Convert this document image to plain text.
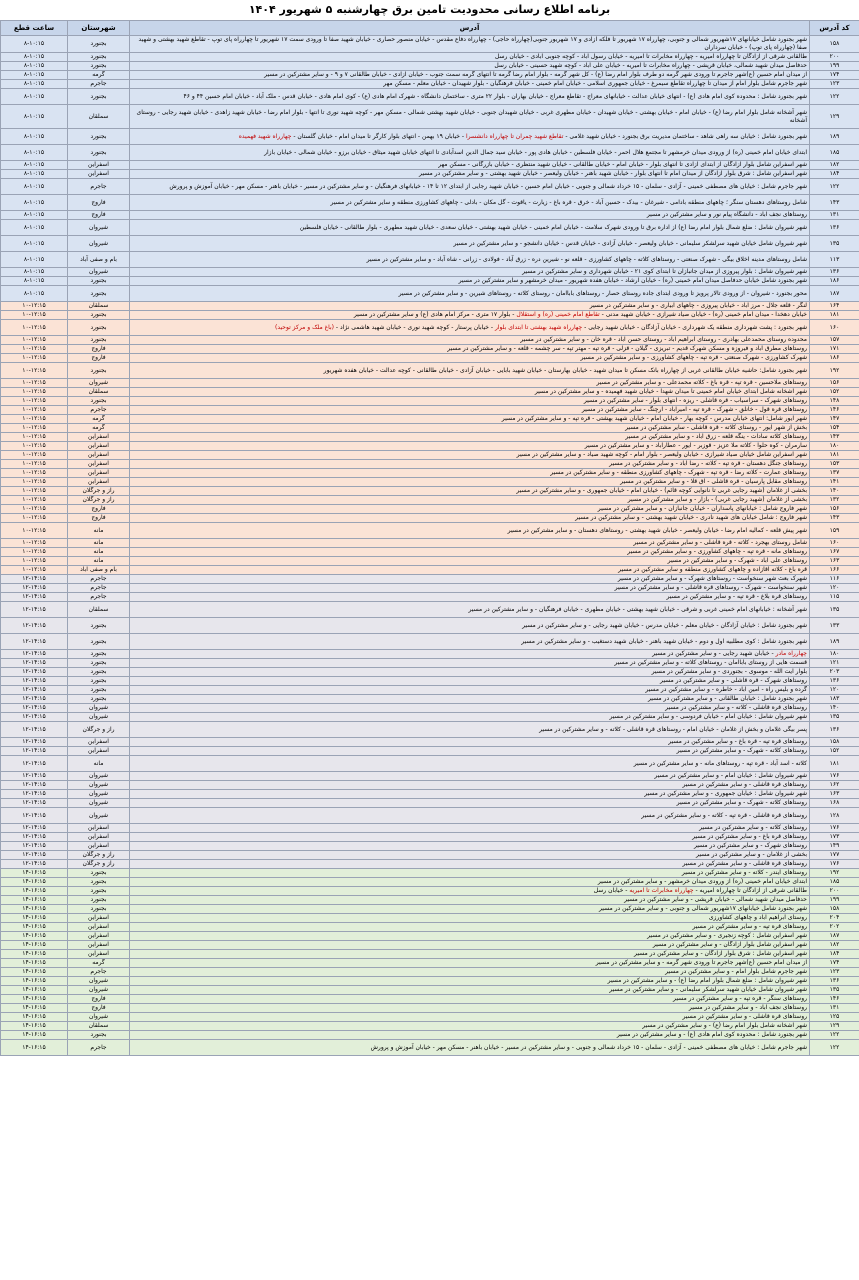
برنامه اطلاع رسانی محدودیت تامین برق چهارشنبه ۵ شهریور ۱۴۰۴
کد آدرس	آدرس	شهرستان	ساعت قطع
۱۵۸	شهر بجنورد شامل خیابانهای ۱۷شهریور شمالی و جنوبی، چهارراه ۱۷ شهریور تا فلکه آزادی و ۱۷ شهریور جنوبی(چهارراه حاجی) - چهارراه دفاع مقدس - خیابان منصور حصاری - خیابان شهید صفا تا ورودی سمت ۱۷ شهریور تا چهارراه پای توپ - تقاطع شهید بهشتی و شهید صفا (چهارراه پای توپ) - خیابان سرداران	بجنورد	۸-۱۰:۱۵
۲۰۰	طالقانی شرقی از آزادگان تا چهارراه امیریه - چهارراه مخابرات تا امیریه - خیابان رسول آباد - کوچه جنوبی آبادی - خیابان رسل	بجنورد	۸-۱۰:۱۵
۱۹۹	حدفاصل میدان شهید شمالی، خیابان قریشی - چهارراه مخابرات تا امیریه - خیابان علی آباد - کوچه شهید حسینی - خیابان رسل	بجنورد	۸-۱۰:۱۵
۱۷۴	از میدان امام حسین (ع)شهر جاجرم تا ورودی شهر گرمه دو طرف بلوار امام رضا (ع) - کل شهر گرمه - بلوار امام رضا گرمه تا انتهای گرمه سمت جنوب - خیابان آزادی - خیابان طالقانی ۷ و ۹ - و سایر مشترکین در مسیر	گرمه	۸-۱۰:۱۵
۱۲۳	شهر جاجرم شامل بلوار امام از میدان تا چهارراه تقاطع سیمرغ - خیابان جمهوری اسلامی - خیابان امام خمینی - خیابان فرهنگیان - بلوار شهیدان - خیابان معلم - مسکن مهر	جاجرم	۸-۱۰:۱۵
۱۲۲	شهر بجنورد شامل : محدوده کوی امام هادی (ع) - انتهای خیابان عدالت - خیابانهای معراج - تقاطع معراج - خیابان بهاران - بلوار ۲۲ متری - ساختمان دانشگاه - شهرک امام هادی (ع) - کوی امام هادی - خیابان قدس - ملک آباد - خیابان امام حسین ۴۴ و ۴۶	بجنورد	۸-۱۰:۱۵
۱۲۹	شهر آشخانه شامل بلوار امام رضا (ع) - خیابان امام - خیابان بهشتی - خیابان شهیدان - خیابان مطهری غربی - خیابان شهیدان جنوبی - خیابان شهید بهشتی شمالی - مسکن مهر - کوچه شهید نوری تا انتها - بلوار امام رضا - خیابان شهید زاهدی - خیابان شهید رجایی - روستای آشخانه	سملقان	۸-۱۰:۱۵
۱۸۹	شهر بجنورد شامل : خیابان سه راهی شاهد - ساختمان مدیریت برق بجنورد - خیابان شهید غلامی - تقاطع شهید چمران تا چهارراه دانشسرا - خیابان ۱۹ بهمن - انتهای بلوار کارگر تا میدان امام - خیابان گلستان - چهارراه شهید فهمیده	بجنورد	۸-۱۰:۱۵
۱۸۵	ابتدای خیابان امام خمینی (ره) از ورودی میدان خرمشهر تا مجتمع هلال احمر - خیابان فلسطین - خیابان هادی پور - خیابان سید جمال الدین اسدآبادی تا انتهای خیابان شهید میثاق - خیابان برزو - خیابان شمالی - خیابان بازار	بجنورد	۸-۱۰:۱۵
۱۸۲	شهر اسفراین شامل بلوار آزادگان از ابتدای آزادی تا انتهای بلوار - خیابان امام - خیابان طالقانی - خیابان شهید منتظری - خیابان بازرگانی - مسکن مهر	اسفراین	۸-۱۰:۱۵
۱۸۴	شهر اسفراین شامل : شرق بلوار آزادگان از میدان امام تا انتهای بلوار - خیابان شهید باهنر - خیابان ولیعصر - خیابان شهید بهشتی - و سایر مشترکین در مسیر	اسفراین	۸-۱۰:۱۵
۱۲۲	شهر جاجرم شامل : خیابان های مصطفی خمینی - آزادی - سلمان - ۱۵ خرداد شمالی و جنوبی - خیابان امام حسین - خیابان شهید رجایی از ابتدای ۱۲ تا ۱۴ - خیابانهای فرهنگیان - و سایر مشترکین در مسیر - خیابان باهنر - مسکن مهر - خیابان آموزش و پرورش	جاجرم	۸-۱۰:۱۵
۱۴۳	شامل روستاهای دهستان سنگر ؛ چاههای منطقه بادامی - شیرغان - بیدک - حسین آباد - خرق - قره باغ - زیارت - یاقوت - گل مکان - بادلی - چاههای کشاورزی منطقه و سایر مشترکین در مسیر	فاروج	۸-۱۰:۱۵
۱۳۱	روستاهای نجف آباد - دانشگاه پیام نور و سایر مشترکین در مسیر	فاروج	۸-۱۰:۱۵
۱۳۶	شهر شیروان شامل : ضلع شمال بلوار امام رضا (ع) از اداره برق تا ورودی شهرک سلامت - خیابان امام خمینی - خیابان شهید بهشتی - خیابان سعدی - خیابان شهید مطهری - بلوار طالقانی - خیابان فلسطین	شیروان	۸-۱۰:۱۵
۱۳۵	شهر شیروان شامل خیابان شهید سرلشکر سلیمانی - خیابان ولیعصر - خیابان آزادی - خیابان قدس - خیابان دانشجو - و سایر مشترکین در مسیر	شیروان	۸-۱۰:۱۵
۱۱۳	شامل روستاهای مدینه اخلاق بیگی - شهرک صنعتی - روستاهای کلاته - چاههای کشاورزی - قلعه نو - شیرین دره - زرق آباد - فولادی - زرانی - شاه آباد - و سایر مشترکین در مسیر	بام و صفی آباد	۸-۱۰:۱۵
۱۳۶	شهر شیروان شامل : بلوار پیروزی از میدان جانبازان تا ابتدای کوی ۲۱ - خیابان شهرداری و سایر مشترکین در مسیر	شیروان	۸-۱۰:۱۵
۱۸۶	شهر بجنورد شامل خیابان حدفاصل میدان امام خمینی (ره) - خیابان ارشاد - خیابان هفده شهریور - میدان خرمشهر و سایر مشترکین در مسیر	بجنورد	۸-۱۰:۱۵
۱۸۷	محور بجنورد - شیروان - از ورودی تالار پرویز تا ورودی ابتدای جاده روستای حصار - روستاهای باباامان - روستای کلاته - روستاهای شیرین - و سایر مشترکین در مسیر	بجنورد	۸-۱۰:۱۵
۱۶۴	لنگر - قلعه جلال - مرز آباد - خیابان پیروزی - چاههای آبیاری - و سایر مشترکین در مسیر	سملقان	۱۰-۱۲:۱۵
۱۸۱	خیابان دهخدا - میدان امام خمینی (ره) - خیابان صیاد شیرازی - خیابان شهید مدنی - تقاطع امام خمینی (ره) و استقلال - بلوار ۱۷ متری - مرکز امام هادی (ع) و سایر مشترکین در مسیر	بجنورد	۱۰-۱۲:۱۵
۱۶۰	شهر بجنورد : پشت شهرداری منطقه یک شهرداری - خیابان آزادگان - خیابان شهید رجایی - چهارراه شهید بهشتی تا ابتدای بلوار - خیابان پرستار - کوچه شهید نوری - خیابان شهید هاشمی نژاد - (باغ ملک و مرکز توحید)	بجنورد	۱۰-۱۲:۱۵
۱۵۷	محدوده روستای محمدعلی بهادری - روستای ابراهیم آباد - روستای حسن آباد - قره خان - و سایر مشترکین در مسیر	بجنورد	۱۰-۱۲:۱۵
۱۷۱	روستاهای مطرق آباد و فیروزه و مسکن شهرک قدیم - تبریزی - گیلان - قزلی - قره تپه - مهتر تپه - سر چشمه - قلعه - و سایر مشترکین در مسیر	فاروج	۱۰-۱۲:۱۵
۱۸۶	شهرک کشاورزی - شهرک صنعتی - قره تپه - چاههای کشاورزی - و سایر مشترکین در مسیر	فاروج	۱۰-۱۲:۱۵
۱۹۲	شهر بجنورد شامل: حاشیه خیابان طالقانی غربی از چهارراه بانک مسکن تا میدان شهید - خیابان بهارستان - خیابان شهید بابایی - خیابان آزادی - خیابان طالقانی - کوچه عدالت - خیابان هفده شهریور	بجنورد	۱۰-۱۲:۱۵
۱۵۶	روستاهای ملاحسین - قره تپه - قره باغ - کلاته محمدعلی - و سایر مشترکین در مسیر	شیروان	۱۰-۱۲:۱۵
۱۵۲	شهر آشخانه شامل ابتدای خیابان امام خمینی تا میدان شهدا - خیابان شهید فهمیده - و سایر مشترکین در مسیر	سملقان	۱۰-۱۲:۱۵
۱۴۸	روستاهای شهرک - سرآسیاب - قره قاشلی - ریزه - انتهای بلوار - سایر مشترکین در مسیر	بجنورد	۱۰-۱۲:۱۵
۱۴۶	روستاهای قره قول - خانلق - شهرک - قره تپه - امیرآباد - ارچنگ - سایر مشترکین در مسیر	جاجرم	۱۰-۱۲:۱۵
۱۴۷	شهر ایور شامل: انتهای خیابان مدرس - کوچه بهار - خیابان امام - خیابان شهید بهشتی - قره تپه - و سایر مشترکین در مسیر	گرمه	۱۰-۱۲:۱۵
۱۵۴	بخش از شهر ایور - روستای کلاته - قره قاشلی - سایر مشترکین در مسیر	گرمه	۱۰-۱۲:۱۵
۱۴۳	روستاهای کلاته سادات - ینگه قلعه - زرق آباد - و سایر مشترکین در مسیر	اسفراین	۱۰-۱۲:۱۵
۱۸۰	سارمران - کوه حلوا - کلاته ملا عزیز - قوزبر - ایور - عطارآباد - و سایر مشترکین در مسیر	اسفراین	۱۰-۱۲:۱۵
۱۸۱	شهر اسفراین شامل خیابان صیاد شیرازی - خیابان ولیعصر - بلوار امام - کوچه شهید صیاد - و سایر مشترکین در مسیر	اسفراین	۱۰-۱۲:۱۵
۱۵۳	روستاهای جنگل دهستان - قره تپه - کلاته - رضا آباد - و سایر مشترکین در مسیر	اسفراین	۱۰-۱۲:۱۵
۱۳۷	روستاهای عمارت - کلاته رضا - قره تپه - شهرک - چاههای کشاورزی منطقه - و سایر مشترکین در مسیر	اسفراین	۱۰-۱۲:۱۵
۱۴۱	روستاهای مقابل پارسیان - قره قاشلی - آق قلا - و سایر مشترکین در مسیر	اسفراین	۱۰-۱۲:۱۵
۱۴۰	بخشی از غلامان (شهید رجایی غربی تا نانوایی کوچه قائم) - خیابان امام - خیابان جمهوری - و سایر مشترکین در مسیر	راز و جرگلان	۱۰-۱۲:۱۵
۱۳۲	بخشی از غلامان (شهید رجایی غربی) - بازار - و سایر مشترکین در مسیر	راز و جرگلان	۱۰-۱۲:۱۵
۱۵۶	شهر فاروج شامل : خیابانهای پاسداران - خیابان جانبازان - و سایر مشترکین در مسیر	فاروج	۱۰-۱۲:۱۵
۱۴۳	شهر فاروج : شامل خیابان های شهید نادری - خیابان شهید بهشتی - و سایر مشترکین در مسیر	فاروج	۱۰-۱۲:۱۵
۱۵۹	شهر پیش قلعه - کمالیه امام رضا - خیابان ولیعصر - خیابان شهید بهشتی - روستاهای دهستان - و سایر مشترکین در مسیر	مانه	۱۰-۱۲:۱۵
۱۶۰	شامل روستای بهجرد - کلاته - قره قاشلی - و سایر مشترکین در مسیر	مانه	۱۰-۱۲:۱۵
۱۶۷	روستاهای مانه - قره تپه - چاههای کشاورزی - و سایر مشترکین در مسیر	مانه	۱۰-۱۲:۱۵
۱۶۳	روستاهای علی آباد - شهرک - و سایر مشترکین در مسیر	مانه	۱۰-۱۲:۱۵
۱۶۶	قره باغ - کلاته آقازاده و چاههای کشاورزی منطقه و سایر مشترکین در مسیر	بام و صفی آباد	۱۰-۱۲:۱۵
۱۱۶	شهرک بعث شهر سنخواست - روستاهای شهرک - و سایر مشترکین در مسیر	جاجرم	۱۲-۱۴:۱۵
۱۲۰	شهر سنخواست - شهرک - روستاهای قره قاشلی - و سایر مشترکین در مسیر	جاجرم	۱۲-۱۴:۱۵
۱۱۵	روستاهای قره بلاغ - قره تپه - و سایر مشترکین در مسیر	جاجرم	۱۲-۱۴:۱۵
۱۳۵	شهر آشخانه : خیابانهای امام خمینی غربی و شرقی - خیابان شهید بهشتی - خیابان مطهری - خیابان فرهنگیان - و سایر مشترکین در مسیر	سملقان	۱۲-۱۴:۱۵
۱۳۳	شهر بجنورد شامل : خیابان آزادگان - خیابان معلم - خیابان مدرس - خیابان شهید رجایی - و سایر مشترکین در مسیر	بجنورد	۱۲-۱۴:۱۵
۱۸۹	شهر بجنورد شامل : کوی مطلبیه اول و دوم - خیابان شهید باهنر - خیابان شهید دستغیب - و سایر مشترکین در مسیر	بجنورد	۱۲-۱۴:۱۵
۱۸۰	چهارراه مادر - خیابان شهید رجایی - و سایر مشترکین در مسیر	بجنورد	۱۲-۱۴:۱۵
۱۲۱	قسمت هایی از روستای باباامان - روستاهای کلاته - و سایر مشترکین در مسیر	بجنورد	۱۲-۱۴:۱۵
۲۰۳	بلوار آیت الله - موسوی - بجنوردی - و سایر مشترکین در مسیر	بجنورد	۱۲-۱۴:۱۵
۱۳۶	روستاهای شهرک - قره قاشلی - و سایر مشترکین در مسیر	بجنورد	۱۲-۱۴:۱۵
۱۲۰	گرده و بلیس راه - امین آباد - خاطره - و سایر مشترکین در مسیر	بجنورد	۱۲-۱۴:۱۵
۱۸۳	شهر بجنورد شامل : خیابان طالقانی - و سایر مشترکین در مسیر	بجنورد	۱۲-۱۴:۱۵
۱۴۰	روستاهای قره قاشلی - کلاته - و سایر مشترکین در مسیر	شیروان	۱۲-۱۴:۱۵
۱۳۵	شهر شیروان شامل : خیابان امام - خیابان فردوسی - و سایر مشترکین در مسیر	شیروان	۱۲-۱۴:۱۵
۱۳۶	پسر بیگی غلامان و بخش از غلامان - خیابان امام - روستاهای قره قاشلی - کلاته - و سایر مشترکین در مسیر	راز و جرگلان	۱۲-۱۴:۱۵
۱۵۸	روستاهای قره تپه - قره باغ - و سایر مشترکین در مسیر	اسفراین	۱۲-۱۴:۱۵
۱۵۲	روستاهای کلاته - شهرک - و سایر مشترکین در مسیر	اسفراین	۱۲-۱۴:۱۵
۱۸۱	کلاته - اسد آباد - قره تپه - روستاهای مانه - و سایر مشترکین در مسیر	مانه	۱۲-۱۴:۱۵
۱۷۶	شهر شیروان شامل : خیابان امام - و سایر مشترکین در مسیر	شیروان	۱۲-۱۴:۱۵
۱۶۲	روستاهای قره قاشلی - و سایر مشترکین در مسیر	شیروان	۱۲-۱۴:۱۵
۱۶۳	شهر شیروان شامل : خیابان جمهوری - و سایر مشترکین در مسیر	شیروان	۱۲-۱۴:۱۵
۱۶۸	روستاهای کلاته - شهرک - و سایر مشترکین در مسیر	شیروان	۱۲-۱۴:۱۵
۱۲۸	روستاهای قره قاشلی - قره تپه - کلاته - و سایر مشترکین در مسیر	شیروان	۱۲-۱۴:۱۵
۱۷۶	روستاهای کلاته - و سایر مشترکین در مسیر	اسفراین	۱۲-۱۴:۱۵
۱۷۳	روستاهای قره باغ - و سایر مشترکین در مسیر	اسفراین	۱۲-۱۴:۱۵
۱۴۹	روستاهای شهرک - و سایر مشترکین در مسیر	اسفراین	۱۲-۱۴:۱۵
۱۷۷	بخشی از غلامان - و سایر مشترکین در مسیر	راز و جرگلان	۱۲-۱۴:۱۵
۱۷۶	روستاهای قره قاشلی - و سایر مشترکین در مسیر	راز و جرگلان	۱۲-۱۴:۱۵
۱۹۲	روستاهای ایندر - کلاته - و سایر مشترکین در مسیر	بجنورد	۱۴-۱۶:۱۵
۱۸۵	ابتدای خیابان امام خمینی (ره) از ورودی میدان خرمشهر - و سایر مشترکین در مسیر	بجنورد	۱۴-۱۶:۱۵
۲۰۰	طالقانی شرقی از آزادگان تا چهارراه امیریه - چهارراه مخابرات تا امیریه - خیابان رسل	بجنورد	۱۴-۱۶:۱۵
۱۹۹	حدفاصل میدان شهید شمالی - خیابان قریشی - و سایر مشترکین در مسیر	بجنورد	۱۴-۱۶:۱۵
۱۵۸	شهر بجنورد شامل خیابانهای ۱۷شهریور شمالی و جنوبی - و سایر مشترکین در مسیر	بجنورد	۱۴-۱۶:۱۵
۲۰۴	روستای ابراهیم آباد و چاههای کشاورزی	اسفراین	۱۴-۱۶:۱۵
۲۰۲	روستاهای قره تپه - و سایر مشترکین در مسیر	اسفراین	۱۴-۱۶:۱۵
۱۸۷	شهر اسفراین شامل : کوچه زنجیری - و سایر مشترکین در مسیر	اسفراین	۱۴-۱۶:۱۵
۱۸۲	شهر اسفراین شامل بلوار آزادگان - و سایر مشترکین در مسیر	اسفراین	۱۴-۱۶:۱۵
۱۸۴	شهر اسفراین شامل : شرق بلوار آزادگان - و سایر مشترکین در مسیر	اسفراین	۱۴-۱۶:۱۵
۱۷۴	از میدان امام حسین (ع)شهر جاجرم تا ورودی شهر گرمه - و سایر مشترکین در مسیر	گرمه	۱۴-۱۶:۱۵
۱۲۳	شهر جاجرم شامل بلوار امام - و سایر مشترکین در مسیر	جاجرم	۱۴-۱۶:۱۵
۱۳۶	شهر شیروان شامل : ضلع شمال بلوار امام رضا (ع) - و سایر مشترکین در مسیر	شیروان	۱۴-۱۶:۱۵
۱۳۵	شهر شیروان شامل خیابان شهید سرلشکر سلیمانی - و سایر مشترکین در مسیر	شیروان	۱۴-۱۶:۱۵
۱۴۶	روستاهای سنگر - قره تپه - و سایر مشترکین در مسیر	فاروج	۱۴-۱۶:۱۵
۱۳۱	روستاهای نجف آباد - و سایر مشترکین در مسیر	فاروج	۱۴-۱۶:۱۵
۱۲۵	روستاهای قره قاشلی - و سایر مشترکین در مسیر	شیروان	۱۴-۱۶:۱۵
۱۲۹	شهر آشخانه شامل بلوار امام رضا (ع) - و سایر مشترکین در مسیر	سملقان	۱۴-۱۶:۱۵
۱۲۲	شهر بجنورد شامل : محدوده کوی امام هادی (ع) - و سایر مشترکین در مسیر	بجنورد	۱۴-۱۶:۱۵
۱۲۲	شهر جاجرم شامل : خیابان های مصطفی خمینی - آزادی - سلمان - ۱۵ خرداد شمالی و جنوبی - و سایر مشترکین در مسیر - خیابان باهنر - مسکن مهر - خیابان آموزش و پرورش	جاجرم	۱۴-۱۶:۱۵
